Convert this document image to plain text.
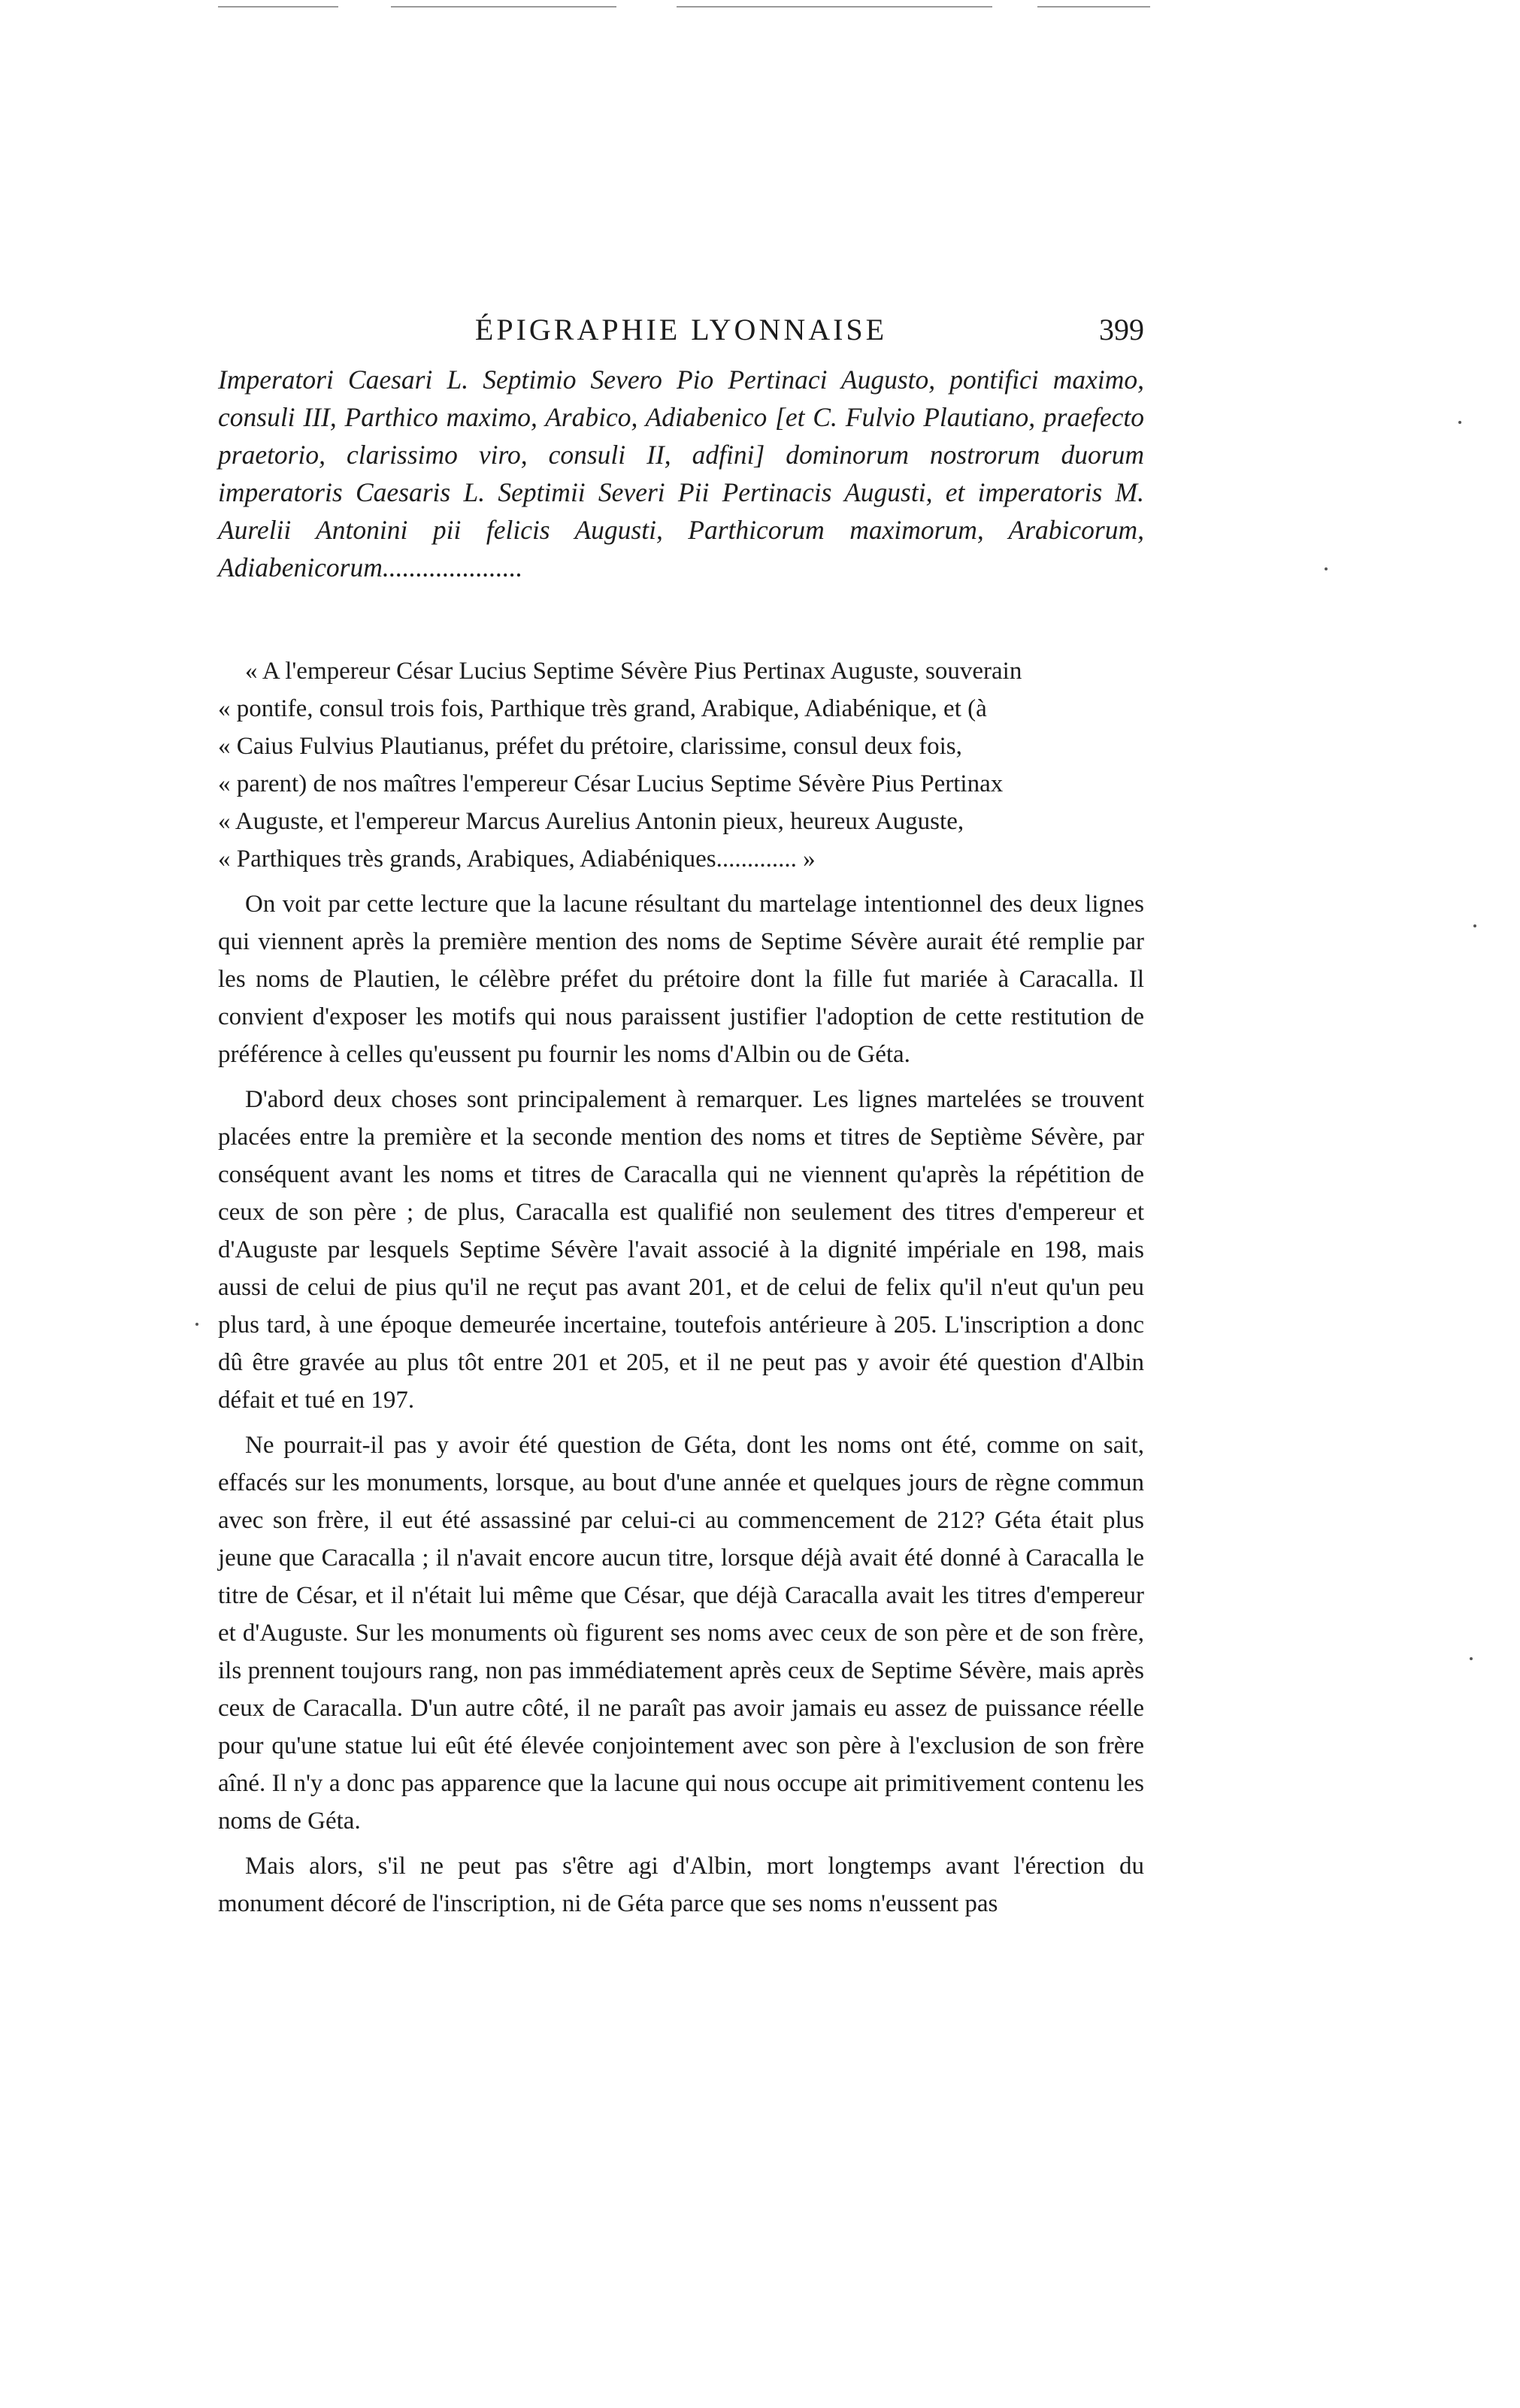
ÉPIGRAPHIE LYONNAISE	399

Imperatori Caesari L. Septimio Severo Pio Pertinaci Augusto, pontifici maximo, consuli III, Parthico maximo, Arabico, Adiabenico [et C. Fulvio Plautiano, praefecto praetorio, clarissimo viro, consuli II, adfini] dominorum nostrorum duorum imperatoris Caesaris L. Septimii Severi Pii Pertinacis Augusti, et imperatoris M. Aurelii Antonini pii felicis Augusti, Parthicorum maximorum, Arabicorum, Adiabenicorum.....................

« A l'empereur César Lucius Septime Sévère Pius Pertinax Auguste, souverain
« pontife, consul trois fois, Parthique très grand, Arabique, Adiabénique, et (à
« Caius Fulvius Plautianus, préfet du prétoire, clarissime, consul deux fois,
« parent) de nos maîtres l'empereur César Lucius Septime Sévère Pius Pertinax
« Auguste, et l'empereur Marcus Aurelius Antonin pieux, heureux Auguste,
« Parthiques très grands, Arabiques, Adiabéniques............. »

On voit par cette lecture que la lacune résultant du martelage intentionnel des deux lignes qui viennent après la première mention des noms de Septime Sévère aurait été remplie par les noms de Plautien, le célèbre préfet du prétoire dont la fille fut mariée à Caracalla. Il convient d'exposer les motifs qui nous paraissent justifier l'adoption de cette restitution de préférence à celles qu'eussent pu fournir les noms d'Albin ou de Géta.

D'abord deux choses sont principalement à remarquer. Les lignes martelées se trouvent placées entre la première et la seconde mention des noms et titres de Septième Sévère, par conséquent avant les noms et titres de Caracalla qui ne viennent qu'après la répétition de ceux de son père ; de plus, Caracalla est qualifié non seulement des titres d'empereur et d'Auguste par lesquels Septime Sévère l'avait associé à la dignité impériale en 198, mais aussi de celui de pius qu'il ne reçut pas avant 201, et de celui de felix qu'il n'eut qu'un peu plus tard, à une époque demeurée incertaine, toutefois antérieure à 205. L'inscription a donc dû être gravée au plus tôt entre 201 et 205, et il ne peut pas y avoir été question d'Albin défait et tué en 197.

Ne pourrait-il pas y avoir été question de Géta, dont les noms ont été, comme on sait, effacés sur les monuments, lorsque, au bout d'une année et quelques jours de règne commun avec son frère, il eut été assassiné par celui-ci au commencement de 212? Géta était plus jeune que Caracalla ; il n'avait encore aucun titre, lorsque déjà avait été donné à Caracalla le titre de César, et il n'était lui même que César, que déjà Caracalla avait les titres d'empereur et d'Auguste. Sur les monuments où figurent ses noms avec ceux de son père et de son frère, ils prennent toujours rang, non pas immédiatement après ceux de Septime Sévère, mais après ceux de Caracalla. D'un autre côté, il ne paraît pas avoir jamais eu assez de puissance réelle pour qu'une statue lui eût été élevée conjointement avec son père à l'exclusion de son frère aîné. Il n'y a donc pas apparence que la lacune qui nous occupe ait primitivement contenu les noms de Géta.

Mais alors, s'il ne peut pas s'être agi d'Albin, mort longtemps avant l'érection du monument décoré de l'inscription, ni de Géta parce que ses noms n'eussent pas
